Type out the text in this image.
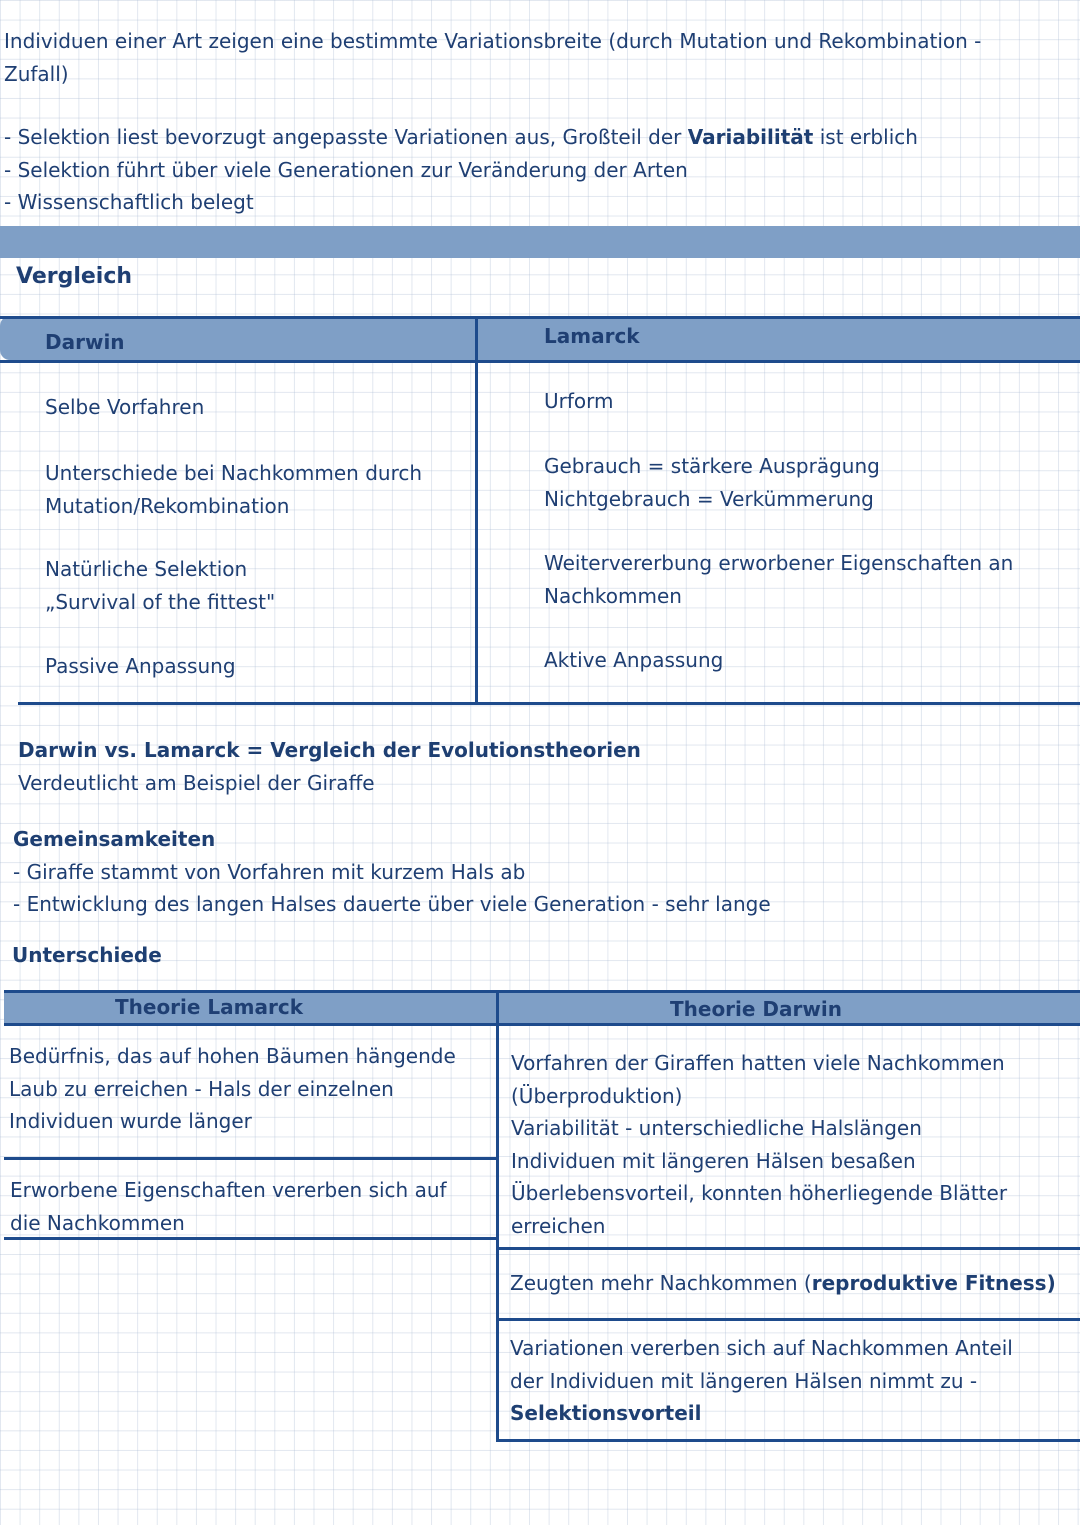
Individuen einer Art zeigen eine bestimmte Variationsbreite (durch Mutation und Rekombination -
Zufall)
- Selektion liest bevorzugt angepasste Variationen aus, Großteil der Variabilität ist erblich
- Selektion führt über viele Generationen zur Veränderung der Arten
- Wissenschaftlich belegt
Vergleich
Darwin	Lamarck
Selbe Vorfahren
Unterschiede bei Nachkommen durch
Mutation/Rekombination
Natürliche Selektion
„Survival of the fittest"
Passive Anpassung
Urform
Gebrauch = stärkere Ausprägung
Nichtgebrauch = Verkümmerung
Weitervererbung erworbener Eigenschaften an
Nachkommen
Aktive Anpassung
Darwin vs. Lamarck = Vergleich der Evolutionstheorien
Verdeutlicht am Beispiel der Giraffe
Gemeinsamkeiten
- Giraffe stammt von Vorfahren mit kurzem Hals ab
- Entwicklung des langen Halses dauerte über viele Generation - sehr lange
Unterschiede
Theorie Lamarck	Theorie Darwin
Bedürfnis, das auf hohen Bäumen hängende
Laub zu erreichen - Hals der einzelnen
Individuen wurde länger
Erworbene Eigenschaften vererben sich auf
die Nachkommen
Vorfahren der Giraffen hatten viele Nachkommen
(Überproduktion)
Variabilität - unterschiedliche Halslängen
Individuen mit längeren Hälsen besaßen
Überlebensvorteil, konnten höherliegende Blätter
erreichen
Zeugten mehr Nachkommen (reproduktive Fitness)
Variationen vererben sich auf Nachkommen Anteil
der Individuen mit längeren Hälsen nimmt zu -
Selektionsvorteil
